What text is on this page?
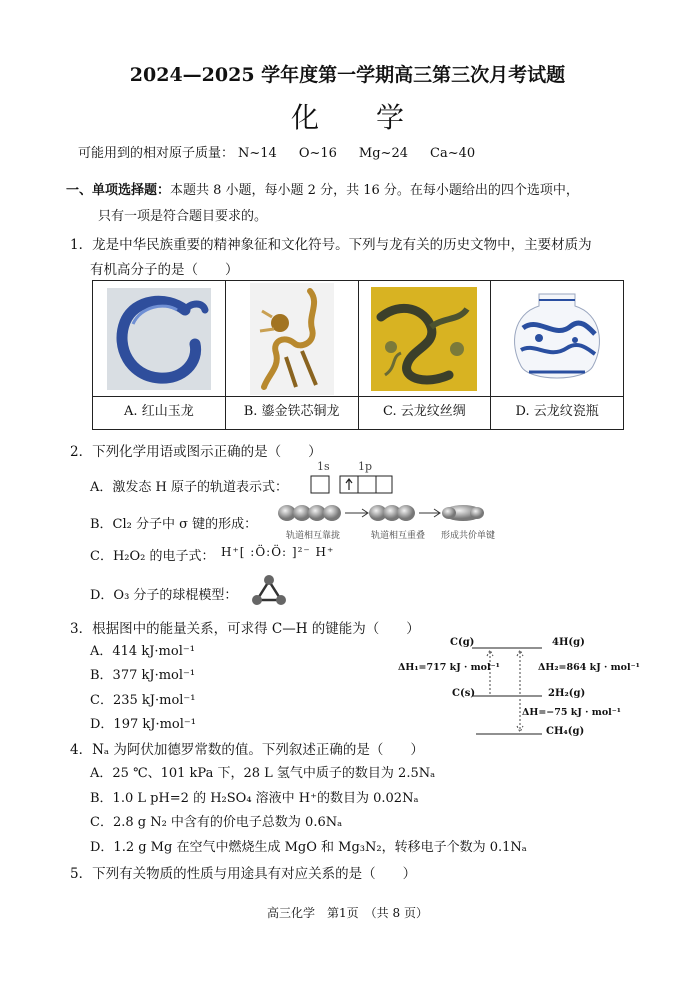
2024—2025 学年度第一学期高三第三次月考试题
化 学
可能用到的相对原子质量： N~14 O~16 Mg~24 Ca~40
一、单项选择题：本题共 8 小题，每小题 2 分，共 16 分。在每小题给出的四个选项中，
只有一项是符合题目要求的。
1．龙是中华民族重要的精神象征和文化符号。下列与龙有关的历史文物中，主要材质为
有机高分子的是（　　）
A. 红山玉龙	B. 鎏金铁芯铜龙	C. 云龙纹丝绸	D. 云龙纹瓷瓶
2．下列化学用语或图示正确的是（　　）
A．激发态 H 原子的轨道表示式：
1s	1p
B．Cl₂ 分子中 σ 键的形成：
轨道相互靠拢	轨道相互重叠 形成共价单键
C．H₂O₂ 的电子式： H⁺[ :Ö:Ö: ]²⁻ H⁺
D．O₃ 分子的球棍模型：
3．根据图中的能量关系，可求得 C—H 的键能为（　　）
A．414 kJ·mol⁻¹
B．377 kJ·mol⁻¹
C．235 kJ·mol⁻¹
D．197 kJ·mol⁻¹
C(g)	4H(g)
ΔH₁=717 kJ · mol⁻¹	ΔH₂=864 kJ · mol⁻¹
C(s)	2H₂(g)
ΔH=−75 kJ · mol⁻¹
CH₄(g)
4．Nₐ 为阿伏加德罗常数的值。下列叙述正确的是（　　）
A．25 ℃、101 kPa 下，28 L 氢气中质子的数目为 2.5Nₐ
B．1.0 L pH=2 的 H₂SO₄ 溶液中 H⁺的数目为 0.02Nₐ
C．2.8 g N₂ 中含有的价电子总数为 0.6Nₐ
D．1.2 g Mg 在空气中燃烧生成 MgO 和 Mg₃N₂，转移电子个数为 0.1Nₐ
5．下列有关物质的性质与用途具有对应关系的是（　　）
高三化学　第1页　（共 8 页）
